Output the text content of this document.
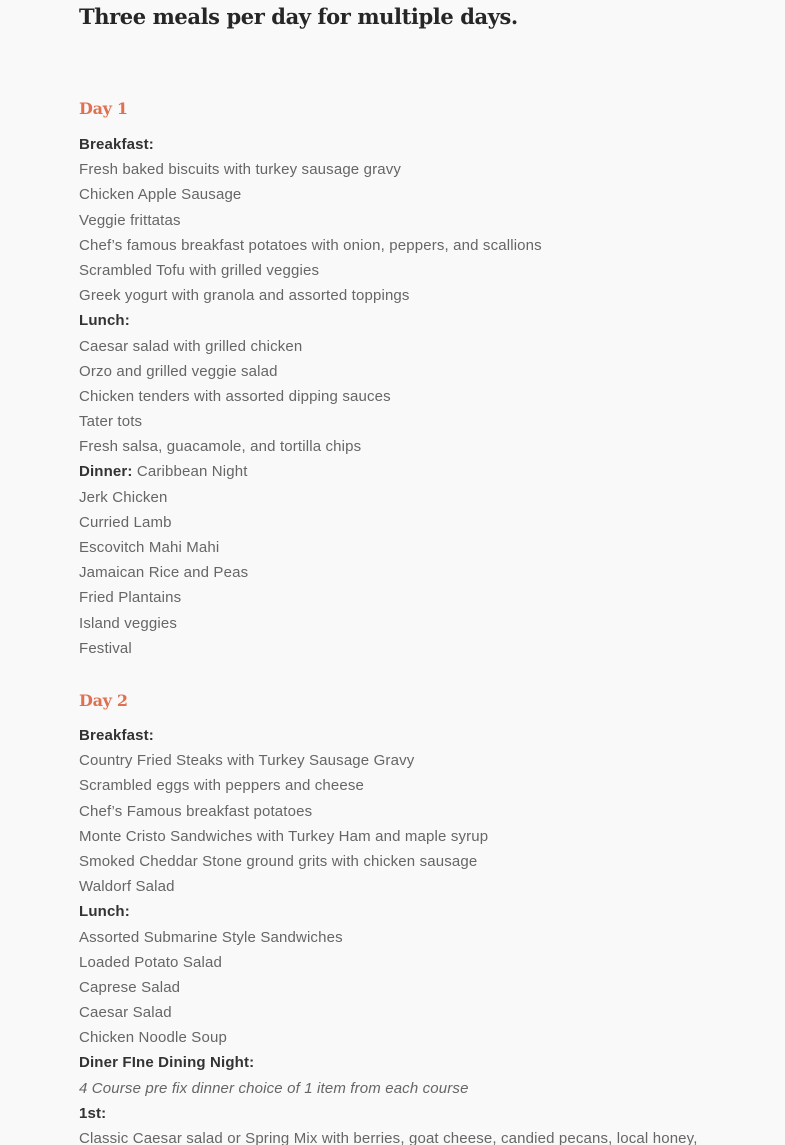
Three meals per day for multiple days.
Day 1
Breakfast:
Fresh baked biscuits with turkey sausage gravy
Chicken Apple Sausage
Veggie frittatas
Chef’s famous breakfast potatoes with onion, peppers, and scallions
Scrambled Tofu with grilled veggies
Greek yogurt with granola and assorted toppings
Lunch:
Caesar salad with grilled chicken
Orzo and grilled veggie salad
Chicken tenders with assorted dipping sauces
Tater tots
Fresh salsa, guacamole, and tortilla chips
Dinner: Caribbean Night
Jerk Chicken
Curried Lamb
Escovitch Mahi Mahi
Jamaican Rice and Peas
Fried Plantains
Island veggies
Festival
Day 2
Breakfast:
Country Fried Steaks with Turkey Sausage Gravy
Scrambled eggs with peppers and cheese
Chef’s Famous breakfast potatoes
Monte Cristo Sandwiches with Turkey Ham and maple syrup
Smoked Cheddar Stone ground grits with chicken sausage
Waldorf Salad
Lunch:
Assorted Submarine Style Sandwiches
Loaded Potato Salad
Caprese Salad
Caesar Salad
Chicken Noodle Soup
Diner FIne Dining Night:
4 Course pre fix dinner choice of 1 item from each course
1st:
Classic Caesar salad or Spring Mix with berries, goat cheese, candied pecans, local honey,
